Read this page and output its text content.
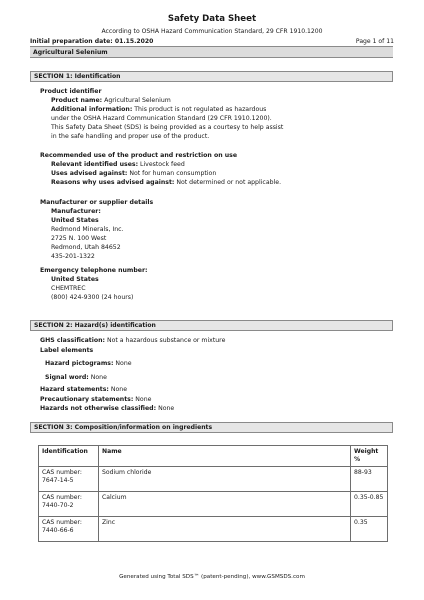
Safety Data Sheet
According to OSHA Hazard Communication Standard, 29 CFR 1910.1200
Initial preparation date: 01.15.2020	Page 1 of 11
Agricultural Selenium
SECTION 1: Identification
Product identifier
Product name: Agricultural Selenium
Additional information: This product is not regulated as hazardous
under the OSHA Hazard Communication Standard (29 CFR 1910.1200).
This Safety Data Sheet (SDS) is being provided as a courtesy to help assist
in the safe handling and proper use of the product.
Recommended use of the product and restriction on use
Relevant identified uses: Livestock feed
Uses advised against: Not for human consumption
Reasons why uses advised against: Not determined or not applicable.
Manufacturer or supplier details
Manufacturer:
United States
Redmond Minerals, Inc.
2725 N. 100 West
Redmond, Utah 84652
435-201-1322
Emergency telephone number:
United States
CHEMTREC
(800) 424-9300 (24 hours)
SECTION 2: Hazard(s) identification
GHS classification: Not a hazardous substance or mixture
Label elements
Hazard pictograms: None
Signal word: None
Hazard statements: None
Precautionary statements: None
Hazards not otherwise classified: None
SECTION 3: Composition/information on ingredients
Identification	Name	Weight %

CAS number:
7647-14-5	Sodium chloride	88-93

CAS number:
7440-70-2	Calcium	0.35-0.85

CAS number:
7440-66-6	Zinc	0.35
Generated using Total SDS™ (patent-pending), www.GSMSDS.com
